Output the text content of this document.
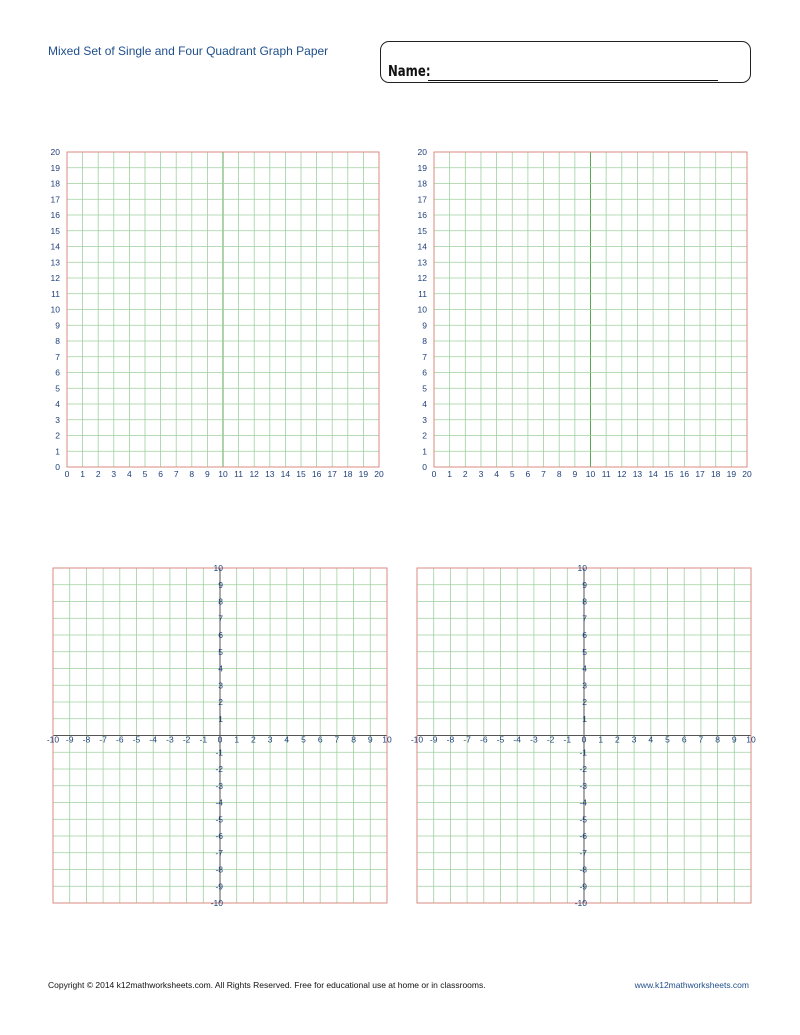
Mixed Set of Single and Four Quadrant Graph Paper
Name:
0 1 2 3 4 5 6 7 8 9 10 11 12 13 14 15 16 17 18 19 20
0
1
2
3
4
5
6
7
8
9
10
11
12
13
14
15
16
17
18
19
20
0 1 2 3 4 5 6 7 8 9 10 11 12 13 14 15 16 17 18 19 20
0
1
2
3
4
5
6
7
8
9
10
11
12
13
14
15
16
17
18
19
20
-10 -9 -8 -7 -6 -5 -4 -3 -2 -1 0 1 2 3 4 5 6 7 8 9 10
-10
-9
-8
-7
-6
-5
-4
-3
-2
-1
1
2
3
4
5
6
7
8
9
10
-10 -9 -8 -7 -6 -5 -4 -3 -2 -1 0 1 2 3 4 5 6 7 8 9 10
-10
-9
-8
-7
-6
-5
-4
-3
-2
-1
1
2
3
4
5
6
7
8
9
10
Copyright © 2014 k12mathworksheets.com. All Rights Reserved. Free for educational use at home or in classrooms.	www.k12mathworksheets.com
